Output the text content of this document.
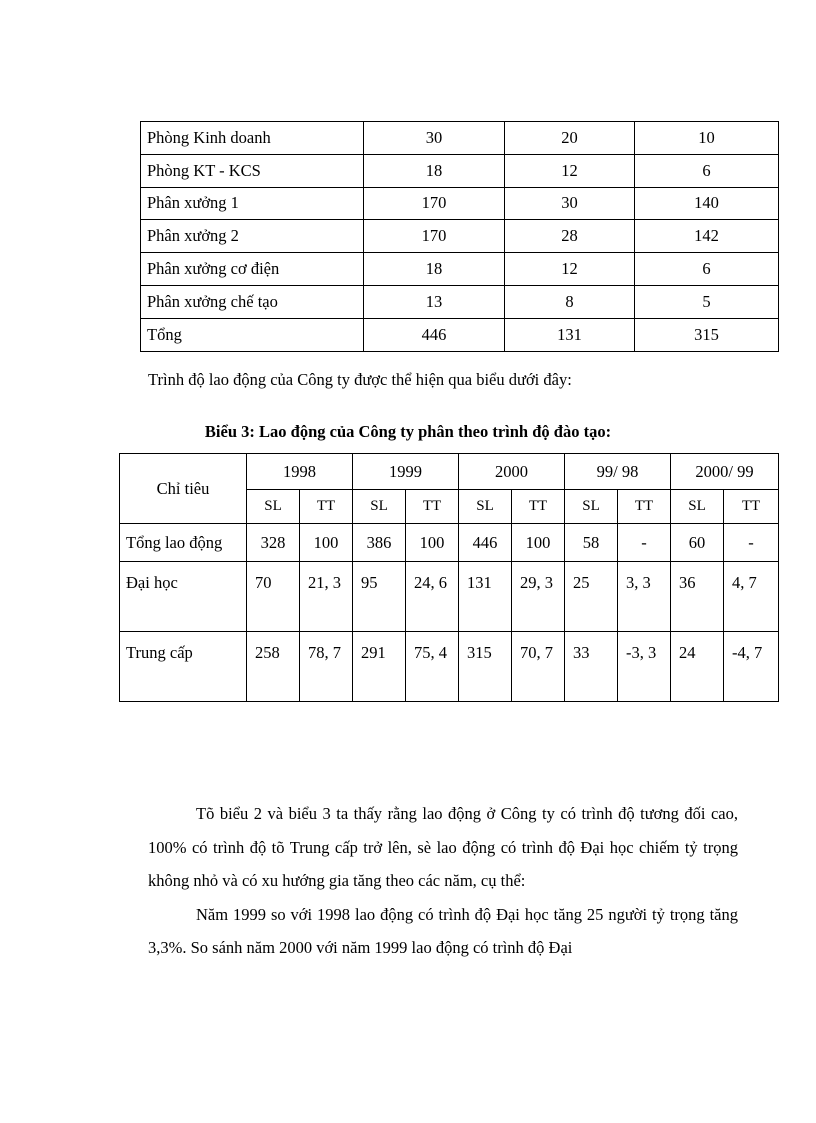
Phòng Kinh doanh	30	20	10
Phòng KT - KCS	18	12	6
Phân xưởng 1	170	30	140
Phân xưởng 2	170	28	142
Phân xưởng cơ điện	18	12	6
Phân xưởng chế tạo	13	8	5
Tổng	446	131	315

Trình độ lao động của Công ty được thể hiện qua biểu dưới đây:

Biểu 3: Lao động của Công ty phân theo trình độ đào tạo:

Chỉ tiêu	1998		1999		2000		99/ 98		2000/ 99	
	SL	TT	SL	TT	SL	TT	SL	TT	SL	TT
Tổng lao động	328	100	386	100	446	100	58	-	60	-
Đại học	70	21, 3	95	24, 6	131	29, 3	25	3, 3	36	4, 7
Trung cấp	258	78, 7	291	75, 4	315	70, 7	33	-3, 3	24	-4, 7

Tõ biểu 2 và biểu 3 ta thấy rằng lao động ở Công ty có trình độ tương đối cao, 100% có trình độ tõ Trung cấp trở lên, sè lao động có trình độ Đại học chiếm tỷ trọng không nhỏ và có xu hướng gia tăng theo các năm, cụ thể:

Năm 1999 so với 1998 lao động có trình độ Đại học tăng 25 người tỷ trọng tăng 3,3%. So sánh năm 2000 với năm 1999 lao động có trình độ Đại
